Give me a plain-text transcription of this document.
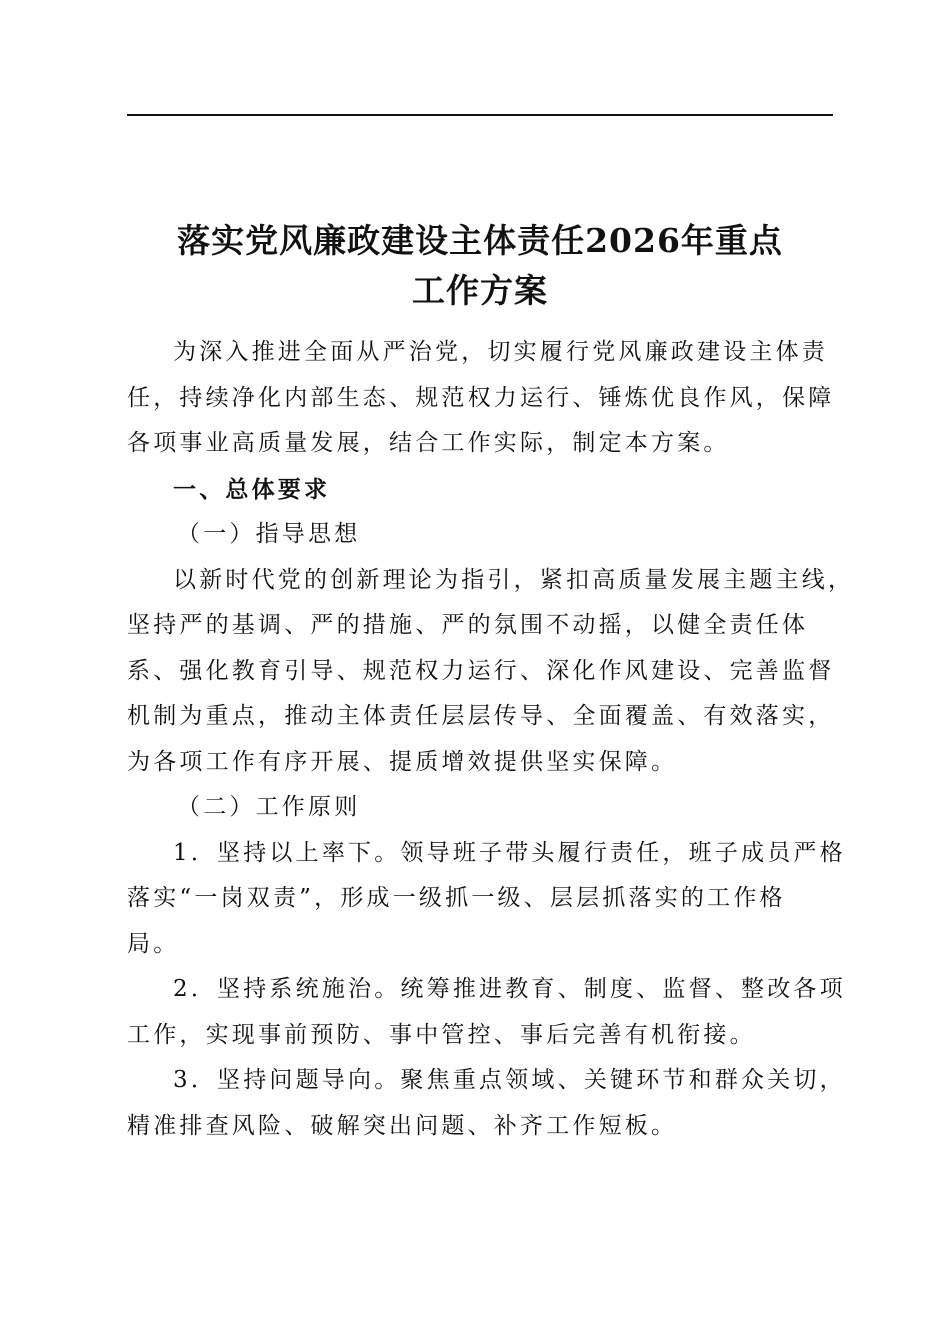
落实党风廉政建设主体责任2026年重点
工作方案
为深入推进全面从严治党，切实履行党风廉政建设主体责
任，持续净化内部生态、规范权力运行、锤炼优良作风，保障
各项事业高质量发展，结合工作实际，制定本方案。
一、总体要求
（一）指导思想
以新时代党的创新理论为指引，紧扣高质量发展主题主线，
坚持严的基调、严的措施、严的氛围不动摇，以健全责任体
系、强化教育引导、规范权力运行、深化作风建设、完善监督
机制为重点，推动主体责任层层传导、全面覆盖、有效落实，
为各项工作有序开展、提质增效提供坚实保障。
（二）工作原则
1．坚持以上率下。领导班子带头履行责任，班子成员严格
落实“一岗双责”，形成一级抓一级、层层抓落实的工作格
局。
2．坚持系统施治。统筹推进教育、制度、监督、整改各项
工作，实现事前预防、事中管控、事后完善有机衔接。
3．坚持问题导向。聚焦重点领域、关键环节和群众关切，
精准排查风险、破解突出问题、补齐工作短板。
